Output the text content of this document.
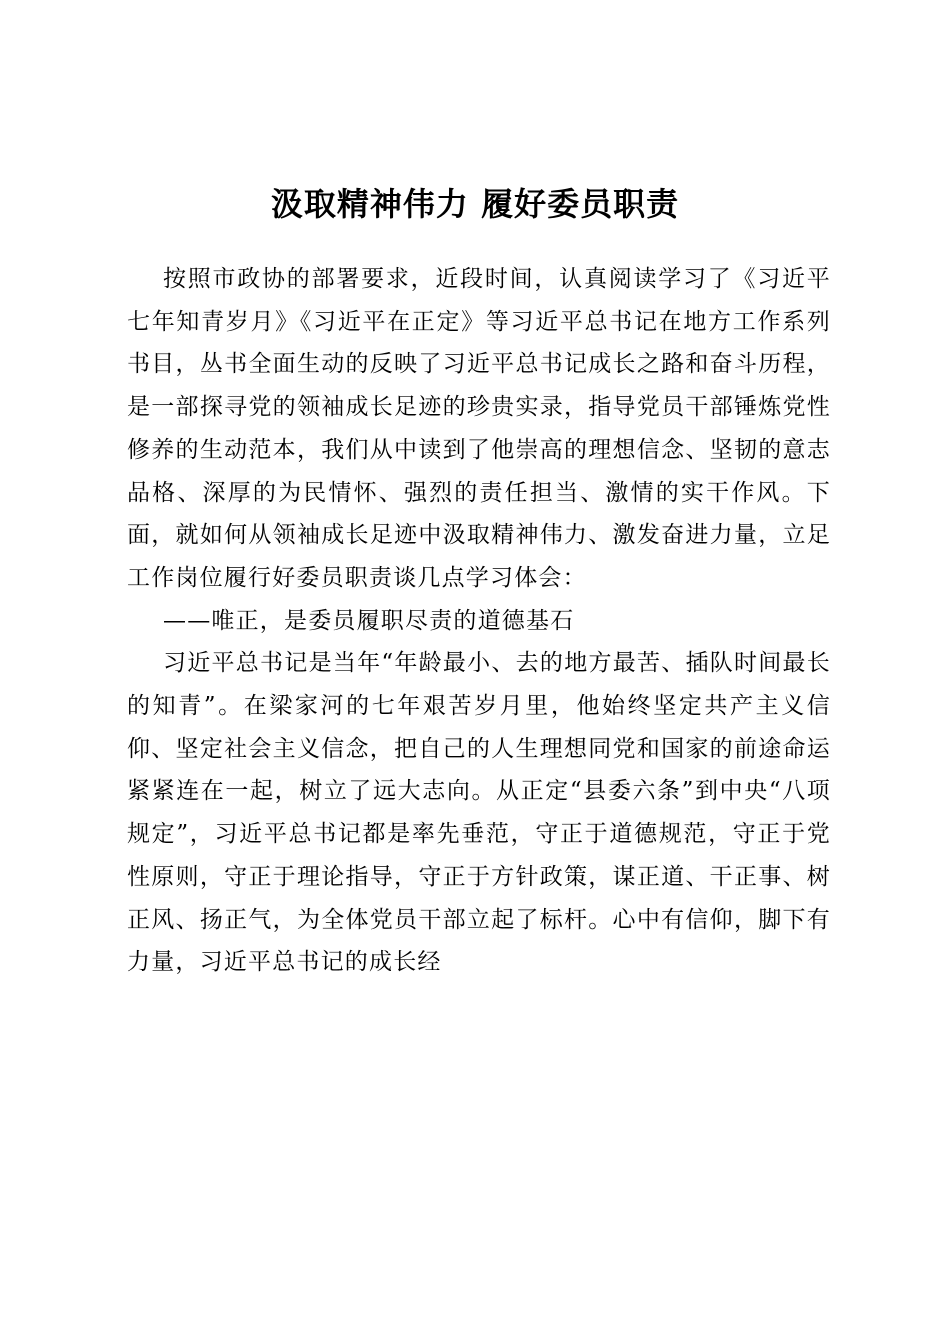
汲取精神伟力 履好委员职责

按照市政协的部署要求，近段时间，认真阅读学习了《习近平七年知青岁月》《习近平在正定》等习近平总书记在地方工作系列书目，丛书全面生动的反映了习近平总书记成长之路和奋斗历程，是一部探寻党的领袖成长足迹的珍贵实录，指导党员干部锤炼党性修养的生动范本，我们从中读到了他崇高的理想信念、坚韧的意志品格、深厚的为民情怀、强烈的责任担当、激情的实干作风。下面，就如何从领袖成长足迹中汲取精神伟力、激发奋进力量，立足工作岗位履行好委员职责谈几点学习体会：

——唯正，是委员履职尽责的道德基石

习近平总书记是当年“年龄最小、去的地方最苦、插队时间最长的知青”。在梁家河的七年艰苦岁月里，他始终坚定共产主义信仰、坚定社会主义信念，把自己的人生理想同党和国家的前途命运紧紧连在一起，树立了远大志向。从正定“县委六条”到中央“八项规定”，习近平总书记都是率先垂范，守正于道德规范，守正于党性原则，守正于理论指导，守正于方针政策，谋正道、干正事、树正风、扬正气，为全体党员干部立起了标杆。心中有信仰，脚下有力量，习近平总书记的成长经
